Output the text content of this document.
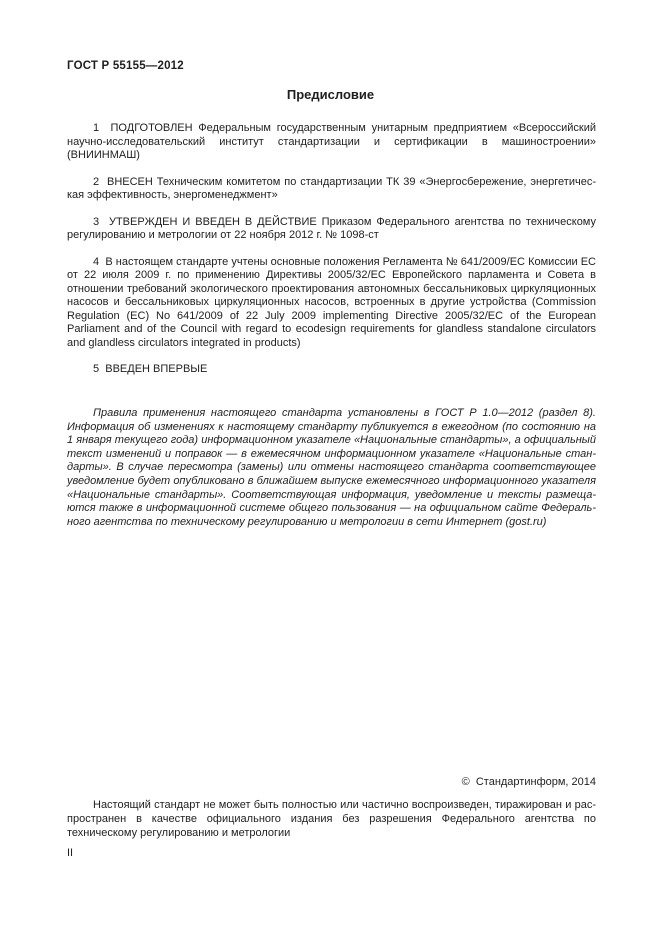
ГОСТ Р 55155—2012
Предисловие

1  ПОДГОТОВЛЕН Федеральным государственным унитарным предприятием «Всероссийский научно-исследовательский институт стандартизации и сертификации в машиностроении» (ВНИИНМАШ)

2  ВНЕСЕН Техническим комитетом по стандартизации ТК 39 «Энергосбережение, энергетическая эффективность, энергоменеджмент»

3  УТВЕРЖДЕН И ВВЕДЕН В ДЕЙСТВИЕ Приказом Федерального агентства по техническому регулированию и метрологии от 22 ноября 2012 г. № 1098-ст

4  В настоящем стандарте учтены основные положения Регламента № 641/2009/ЕС Комиссии ЕС от 22 июля 2009 г. по применению Директивы 2005/32/ЕС Европейского парламента и Совета в отношении требований экологического проектирования автономных бессальниковых циркуляционных насосов и бессальниковых циркуляционных насосов, встроенных в другие устройства (Commission Regulation (EC) No 641/2009 of 22 July 2009 implementing Directive 2005/32/EC of the European Parliament and of the Council with regard to ecodesign requirements for glandless standalone circulators and glandless circulators integrated in products)

5  ВВЕДЕН ВПЕРВЫЕ

Правила применения настоящего стандарта установлены в ГОСТ Р 1.0—2012 (раздел 8). Информация об изменениях к настоящему стандарту публикуется в ежегодном (по состоянию на 1 января текущего года) информационном указателе «Национальные стандарты», а официальный текст изменений и поправок — в ежемесячном информационном указателе «Национальные стандарты». В случае пересмотра (замены) или отмены настоящего стандарта соответствующее уведомление будет опубликовано в ближайшем выпуске ежемесячного информационного указателя «Национальные стандарты». Соответствующая информация, уведомление и тексты размещаются также в информационной системе общего пользования — на официальном сайте Федерального агентства по техническому регулированию и метрологии в сети Интернет (gost.ru)

©  Стандартинформ, 2014

Настоящий стандарт не может быть полностью или частично воспроизведен, тиражирован и распространен в качестве официального издания без разрешения Федерального агентства по техническому регулированию и метрологии

II
